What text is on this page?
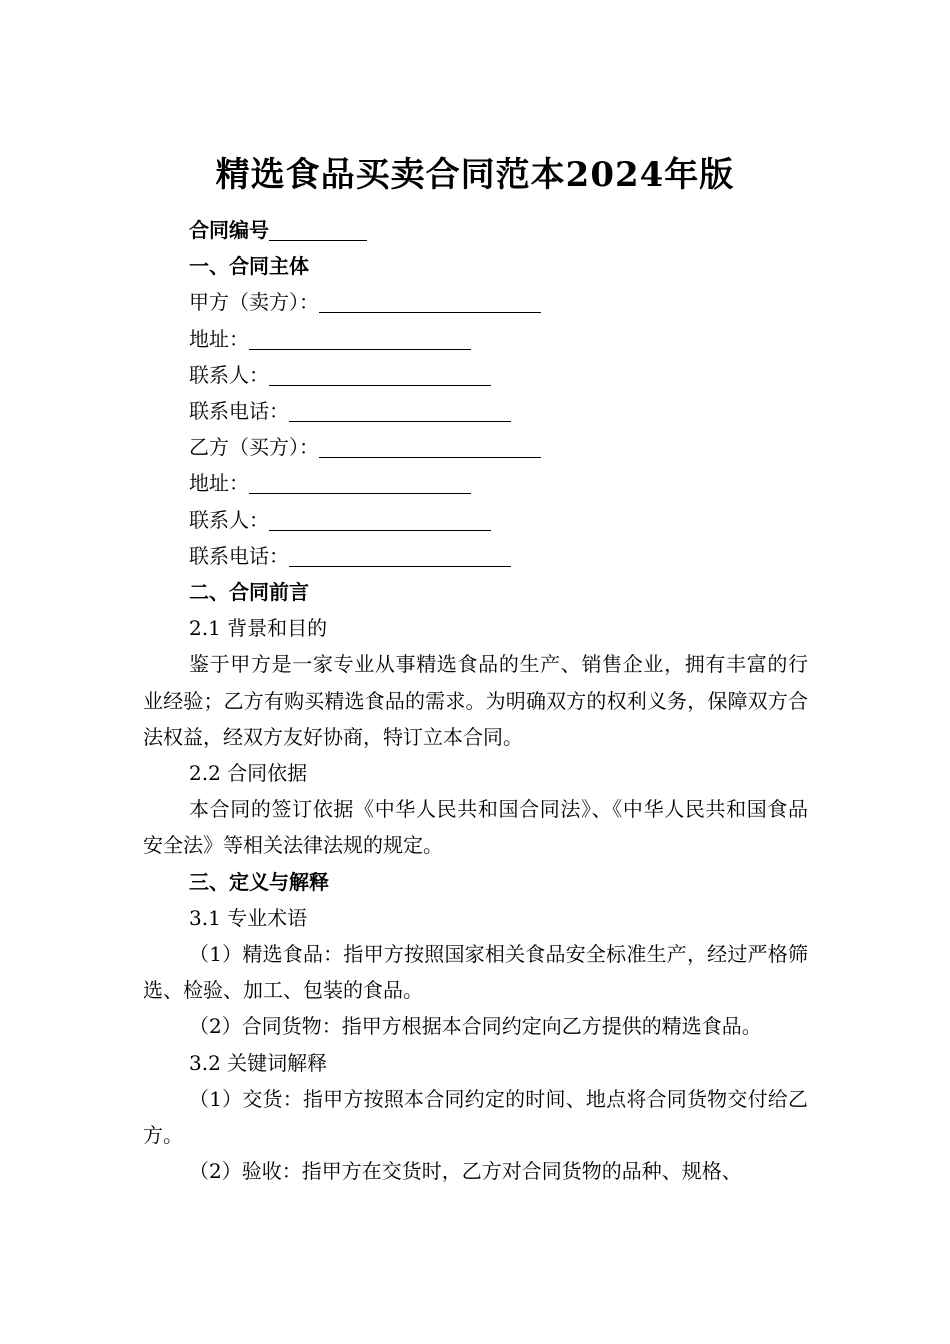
精选食品买卖合同范本2024年版
合同编号
一、合同主体
甲方（卖方）：
地址：
联系人：
联系电话：
乙方（买方）：
地址：
联系人：
联系电话：
二、合同前言
2.1 背景和目的
鉴于甲方是一家专业从事精选食品的生产、销售企业，拥有丰富的行业经验；乙方有购买精选食品的需求。为明确双方的权利义务，保障双方合法权益，经双方友好协商，特订立本合同。
2.2 合同依据
本合同的签订依据《中华人民共和国合同法》、《中华人民共和国食品安全法》等相关法律法规的规定。
三、定义与解释
3.1 专业术语
（1）精选食品：指甲方按照国家相关食品安全标准生产，经过严格筛选、检验、加工、包装的食品。
（2）合同货物：指甲方根据本合同约定向乙方提供的精选食品。
3.2 关键词解释
（1）交货：指甲方按照本合同约定的时间、地点将合同货物交付给乙方。
（2）验收：指甲方在交货时，乙方对合同货物的品种、规格、
